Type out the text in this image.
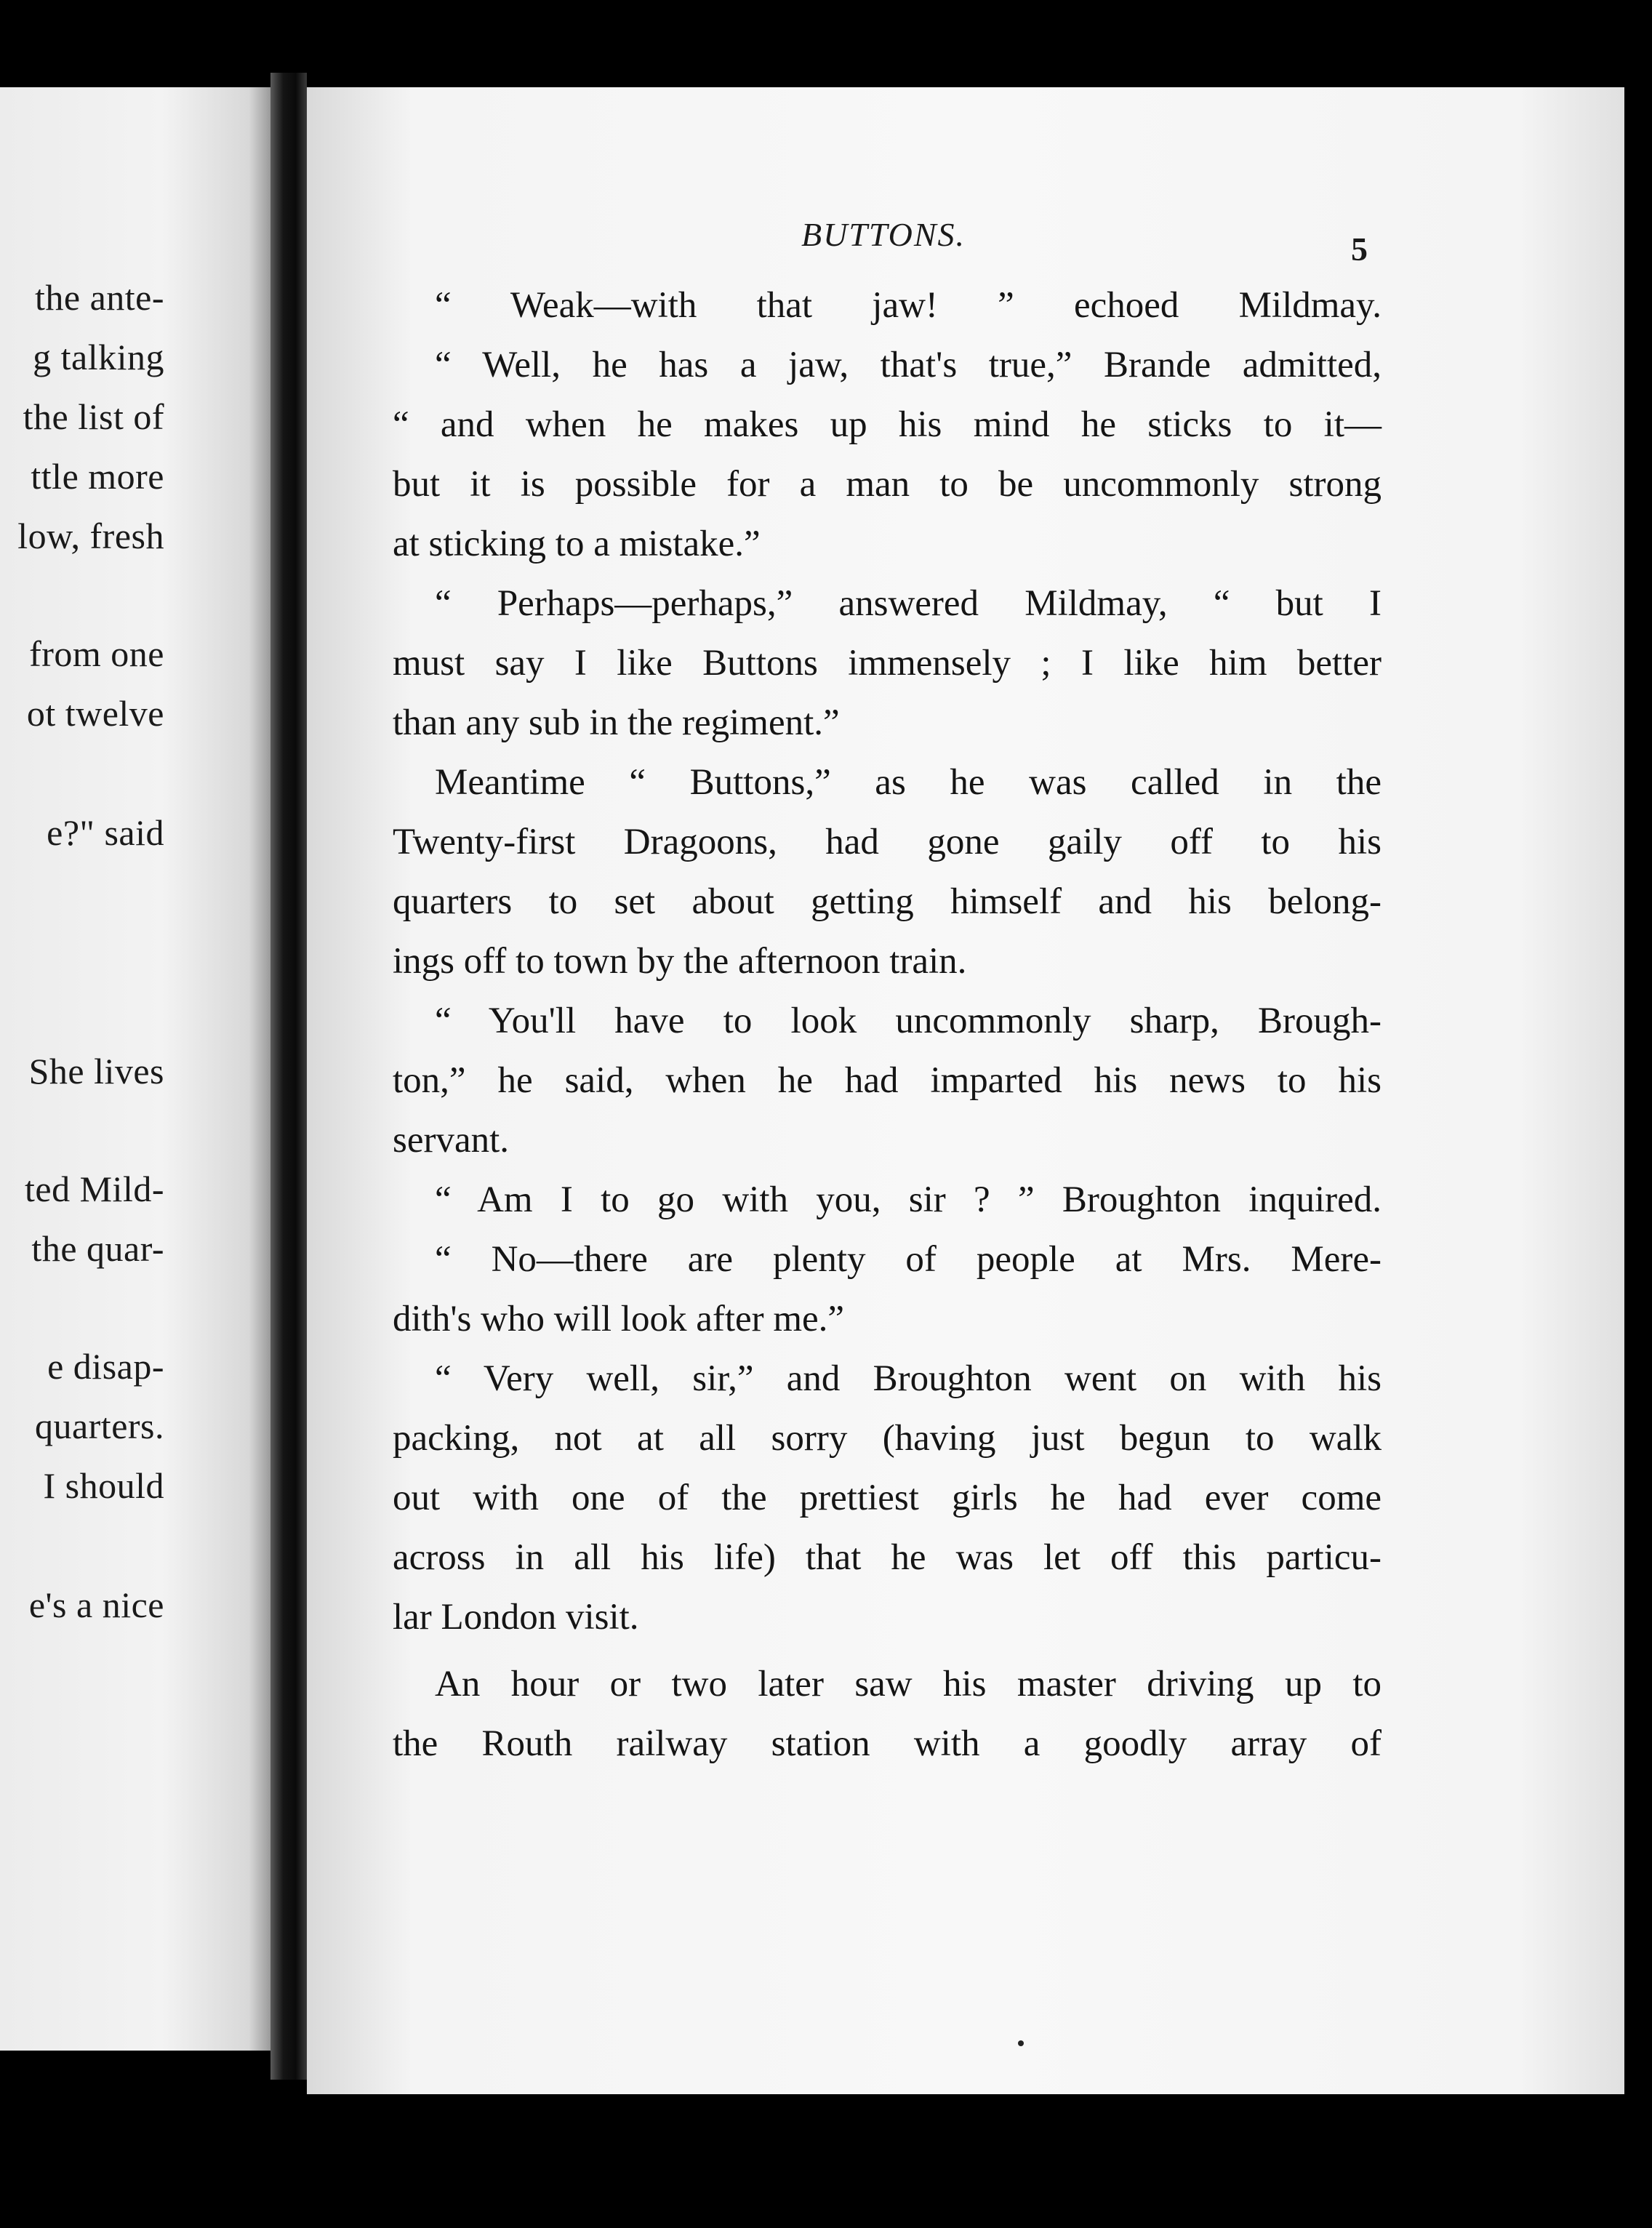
the ante-
g talking
the list of
ttle more
low, fresh
from one
ot twelve
e?" said
She lives
ted Mild-
the quar-
e disap-
quarters.
I should
e's a nice
BUTTONS.	5
“ Weak—with that jaw! ” echoed Mildmay.
“ Well, he has a jaw, that's true,” Brande admitted,
“ and when he makes up his mind he sticks to it—
but it is possible for a man to be uncommonly strong
at sticking to a mistake.”
“ Perhaps—perhaps,” answered Mildmay, “ but I
must say I like Buttons immensely ; I like him better
than any sub in the regiment.”
Meantime “ Buttons,” as he was called in the
Twenty-first Dragoons, had gone gaily off to his
quarters to set about getting himself and his belong-
ings off to town by the afternoon train.
“ You'll have to look uncommonly sharp, Brough-
ton,” he said, when he had imparted his news to his
servant.
“ Am I to go with you, sir ? ” Broughton inquired.
“ No—there are plenty of people at Mrs. Mere-
dith's who will look after me.”
“ Very well, sir,” and Broughton went on with his
packing, not at all sorry (having just begun to walk
out with one of the prettiest girls he had ever come
across in all his life) that he was let off this particu-
lar London visit.
An hour or two later saw his master driving up to
the Routh railway station with a goodly array of
